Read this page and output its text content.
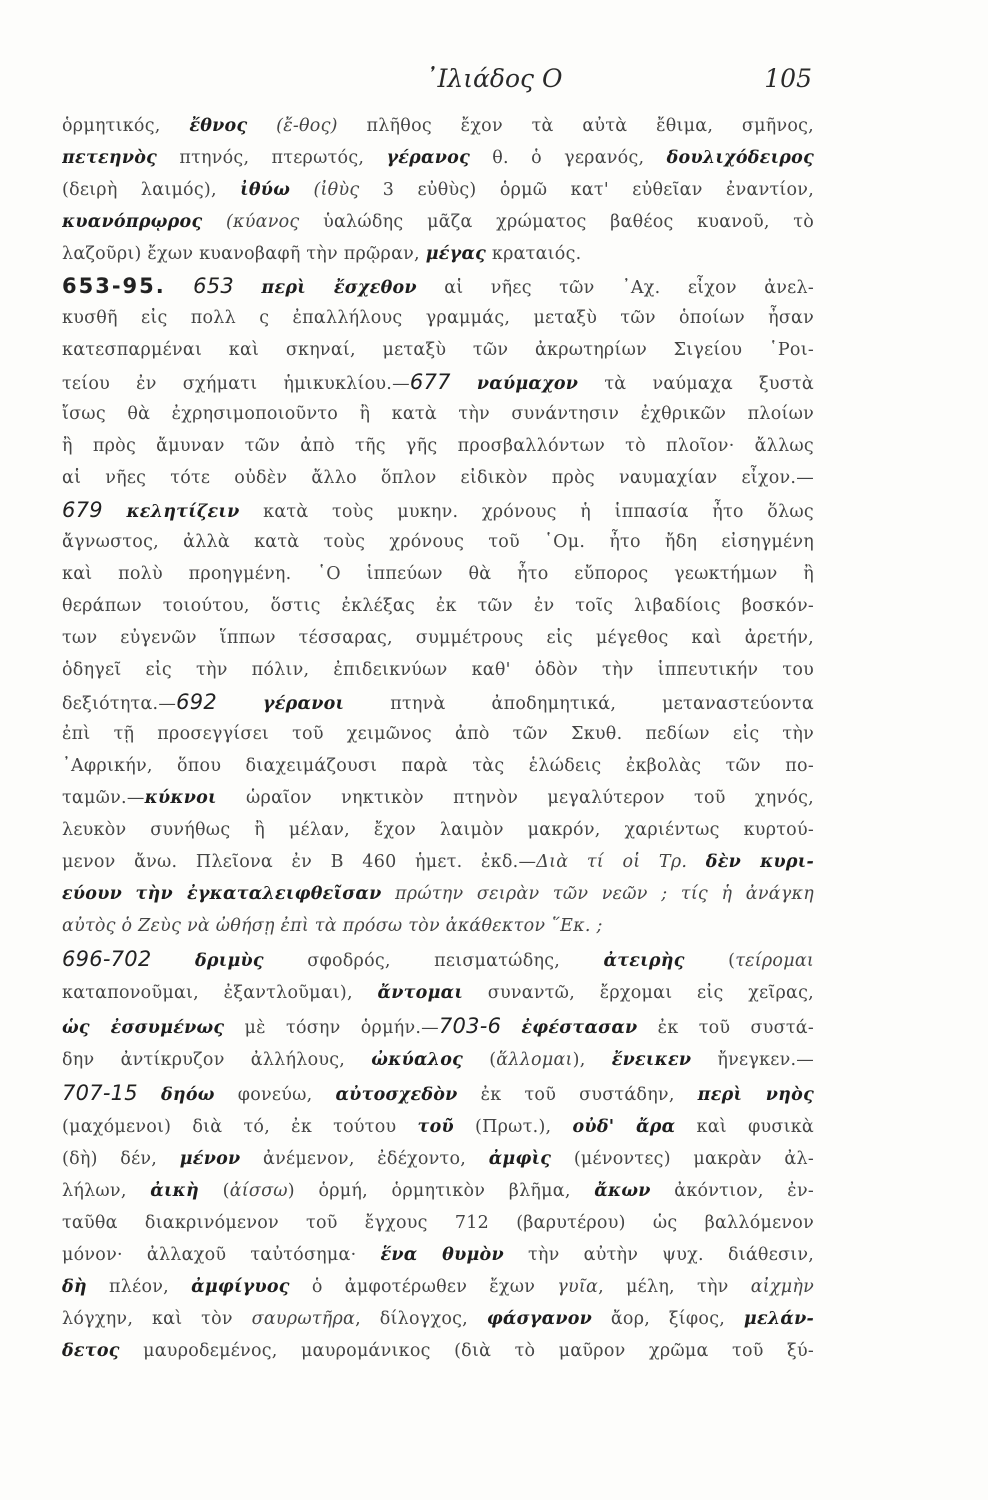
᾿Ιλιάδος Ο	105
ὁρμητικός, ἔθνος (ἔ-θος) πλῆθος ἔχον τὰ αὐτὰ ἔθιμα, σμῆνος,
πετεηνὸς πτηνός, πτερωτός, γέρανος θ. ὁ γερανός, δουλιχόδειρος
(δειρὴ λαιμός), ἰθύω (ἰθὺς 3 εὐθὺς) ὁρμῶ κατ' εὐθεῖαν ἐναντίον,
κυανόπρῳρος (κύανος ὑαλώδης μᾶζα χρώματος βαθέος κυανοῦ, τὸ
λαζοῦρι) ἔχων κυανοβαφῆ τὴν πρῷραν, μέγας κραταιός.
653-95. 653 περὶ ἔσχεθον αἱ νῆες τῶν ᾿Αχ. εἶχον ἀνελ-
κυσθῆ εἰς πολλ ς ἐπαλλήλους γραμμάς, μεταξὺ τῶν ὁποίων ἦσαν
κατεσπαρμέναι καὶ σκηναί, μεταξὺ τῶν ἀκρωτηρίων Σιγείου ῾Ροι-
τείου ἐν σχήματι ἡμικυκλίου.—677 ναύμαχον τὰ ναύμαχα ξυστὰ
ἴσως θὰ ἐχρησιμοποιοῦντο ἢ κατὰ τὴν συνάντησιν ἐχθρικῶν πλοίων
ἢ πρὸς ἄμυναν τῶν ἀπὸ τῆς γῆς προσβαλλόντων τὸ πλοῖον· ἄλλως
αἱ νῆες τότε οὐδὲν ἄλλο ὅπλον εἰδικὸν πρὸς ναυμαχίαν εἶχον.—
679 κελητίζειν κατὰ τοὺς μυκην. χρόνους ἡ ἱππασία ἦτο ὅλως
ἄγνωστος, ἀλλὰ κατὰ τοὺς χρόνους τοῦ ῾Ομ. ἦτο ἤδη εἰσηγμένη
καὶ πολὺ προηγμένη. ῾Ο ἱππεύων θὰ ἦτο εὔπορος γεωκτήμων ἢ
θεράπων τοιούτου, ὅστις ἐκλέξας ἐκ τῶν ἐν τοῖς λιβαδίοις βοσκόν-
των εὐγενῶν ἵππων τέσσαρας, συμμέτρους εἰς μέγεθος καὶ ἀρετήν,
ὁδηγεῖ εἰς τὴν πόλιν, ἐπιδεικνύων καθ' ὁδὸν τὴν ἱππευτικήν του
δεξιότητα.—692	γέρανοι πτηνὰ ἀποδημητικά, μεταναστεύοντα
ἐπὶ τῇ προσεγγίσει τοῦ χειμῶνος ἀπὸ τῶν Σκυθ. πεδίων εἰς τὴν
᾿Αφρικήν, ὅπου διαχειμάζουσι παρὰ τὰς ἑλώδεις ἐκβολὰς τῶν πο-
ταμῶν.—κύκνοι ὡραῖον νηκτικὸν πτηνὸν μεγαλύτερον τοῦ χηνός,
λευκὸν συνήθως ἢ μέλαν, ἔχον λαιμὸν μακρόν, χαριέντως κυρτού-
μενον ἄνω. Πλεῖονα ἐν Β 460 ἡμετ. ἐκδ.—Διὰ τί οἱ Τρ. δὲν κυρι-
εύουν τὴν ἐγκαταλειφθεῖσαν πρώτην σειρὰν τῶν νεῶν ; τίς ἡ ἀνάγκη
αὐτὸς ὁ Ζεὺς νὰ ὠθήσῃ ἐπὶ τὰ πρόσω τὸν ἀκάθεκτον ῞Εκ. ;
696-702 δριμὺς σφοδρός, πεισματώδης, ἀτειρὴς (τείρομαι
καταπονοῦμαι, ἐξαντλοῦμαι), ἄντομαι συναντῶ, ἔρχομαι εἰς χεῖρας,
ὡς ἐσσυμένως μὲ τόσην ὁρμήν.—703-6 ἐφέστασαν ἐκ τοῦ συστά-
δην ἀντίκρυζον ἀλλήλους, ὠκύαλος (ἅλλομαι), ἔνεικεν ἤνεγκεν.—
707-15 δηόω φονεύω, αὐτοσχεδὸν ἐκ τοῦ συστάδην, περὶ νηὸς
(μαχόμενοι) διὰ τό, ἐκ τούτου τοῦ (Πρωτ.), οὐδ' ἄρα καὶ φυσικὰ
(δὴ) δέν, μένον ἀνέμενον, ἐδέχοντο, ἀμφὶς (μένοντες) μακρὰν ἀλ-
λήλων, ἀικὴ (ἀίσσω) ὁρμή, ὁρμητικὸν βλῆμα, ἄκων ἀκόντιον, ἐν-
ταῦθα διακρινόμενον τοῦ ἔγχους 712 (βαρυτέρου) ὡς βαλλόμενον
μόνον· ἀλλαχοῦ ταὐτόσημα· ἕνα θυμὸν τὴν αὐτὴν ψυχ. διάθεσιν,
δὴ πλέον, ἀμφίγυος ὁ ἀμφοτέρωθεν ἔχων γυῖα, μέλη, τὴν αἰχμὴν
λόγχην, καὶ τὸν σαυρωτῆρα, δίλογχος, φάσγανον ἄορ, ξίφος, μελάν-
δετος μαυροδεμένος, μαυρομάνικος (διὰ τὸ μαῦρον χρῶμα τοῦ ξύ-
